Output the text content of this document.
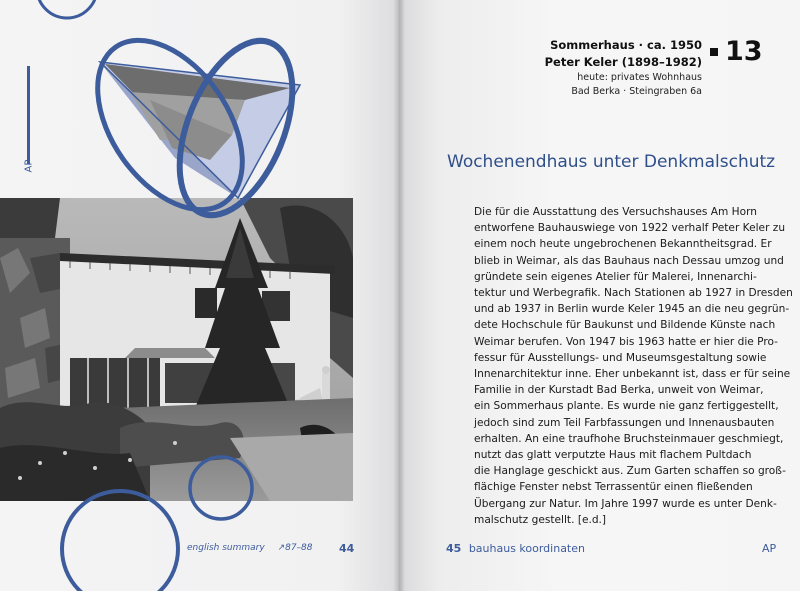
AP
english summary ↗87–88 44
Sommerhaus · ca. 1950
Peter Keler (1898–1982)
heute: privates Wohnhaus
Bad Berka · Steingraben 6a
13
Wochenendhaus unter Denkmalschutz
Die für die Ausstattung des Versuchshauses Am Horn
entworfene Bauhauswiege von 1922 verhalf Peter Keler zu
einem noch heute ungebrochenen Bekanntheitsgrad. Er
blieb in Weimar, als das Bauhaus nach Dessau umzog und
gründete sein eigenes Atelier für Malerei, Innenarchi-
tektur und Werbegrafik. Nach Stationen ab 1927 in Dresden
und ab 1937 in Berlin wurde Keler 1945 an die neu gegrün-
dete Hochschule für Baukunst und Bildende Künste nach
Weimar berufen. Von 1947 bis 1963 hatte er hier die Pro-
fessur für Ausstellungs- und Museumsgestaltung sowie
Innenarchitektur inne. Eher unbekannt ist, dass er für seine
Familie in der Kurstadt Bad Berka, unweit von Weimar,
ein Sommerhaus plante. Es wurde nie ganz fertiggestellt,
jedoch sind zum Teil Farbfassungen und Innenausbauten
erhalten. An eine traufhohe Bruchsteinmauer geschmiegt,
nutzt das glatt verputzte Haus mit flachem Pultdach
die Hanglage geschickt aus. Zum Garten schaffen so groß-
flächige Fenster nebst Terrassentür einen fließenden
Übergang zur Natur. Im Jahre 1997 wurde es unter Denk-
malschutz gestellt. [e.d.]
45 bauhaus koordinaten	AP
